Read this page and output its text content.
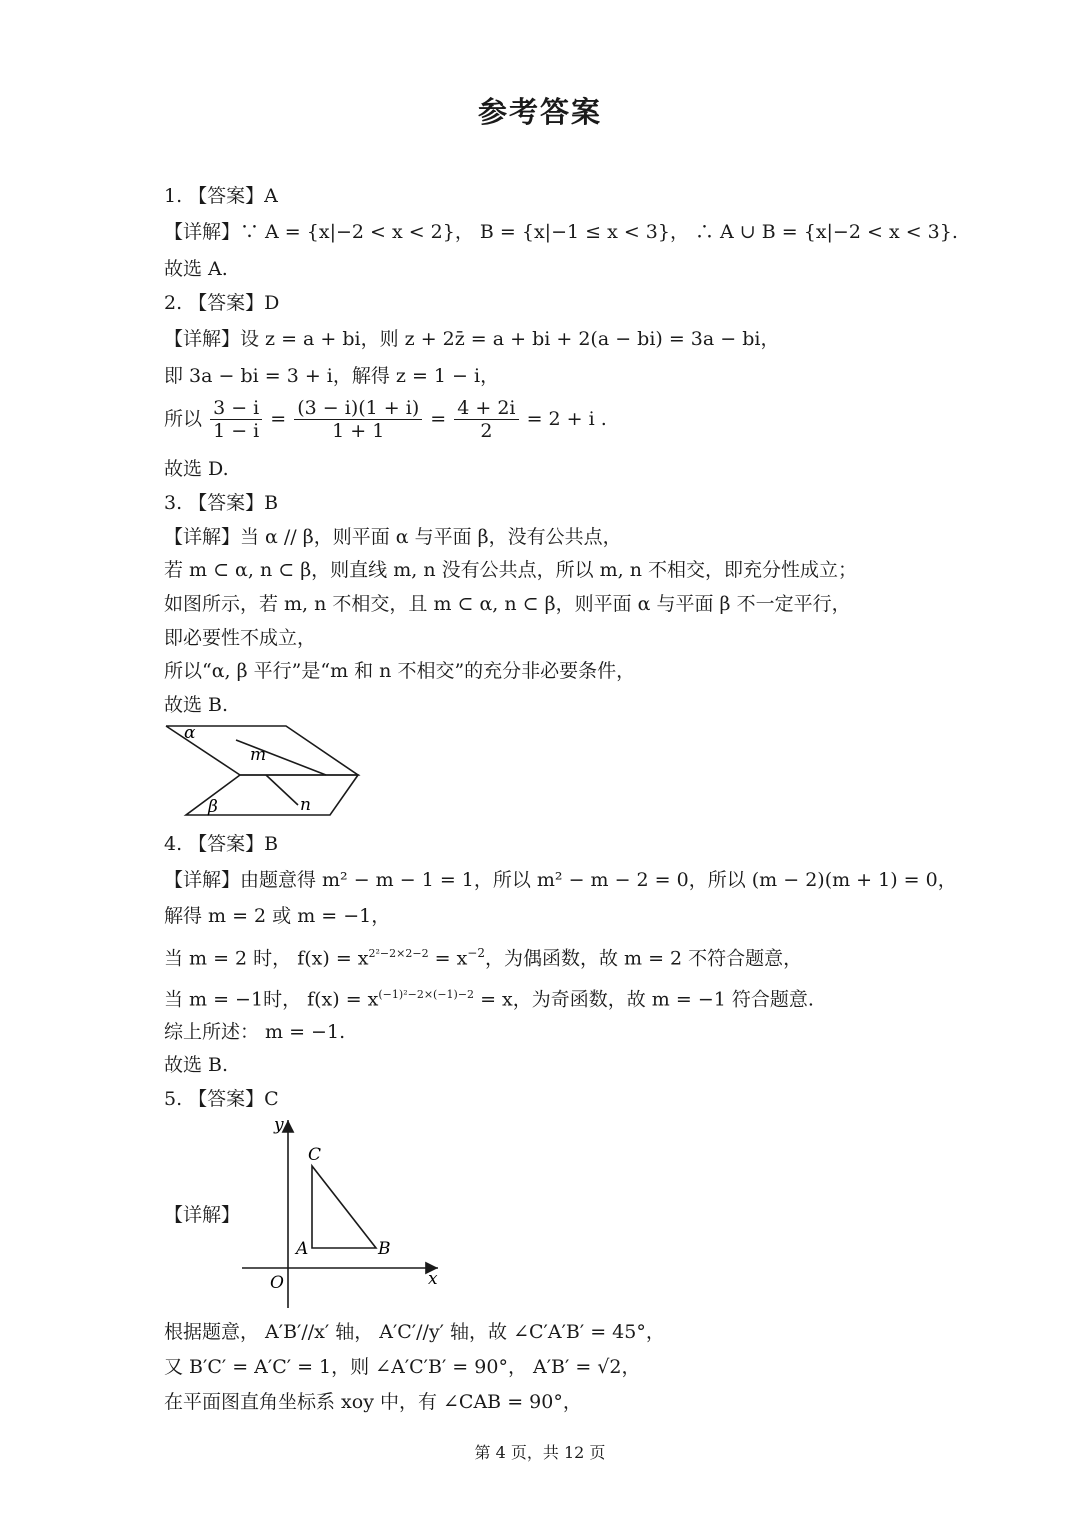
参考答案
1. 【答案】A
【详解】∵ A = {x|−2 < x < 2}， B = {x|−1 ≤ x < 3}， ∴ A ∪ B = {x|−2 < x < 3}.
故选 A.
2. 【答案】D
【详解】设 z = a + bi，则 z + 2z̄ = a + bi + 2(a − bi) = 3a − bi，
即 3a − bi = 3 + i，解得 z = 1 − i，
所以 $\frac{3 - i}{1 - i} = \frac{(3 - i)(1 + i)}{1 + 1} = \frac{4 + 2i}{2} = 2 + i$ .
故选 D.
3. 【答案】B
【详解】当 α // β，则平面 α 与平面 β，没有公共点，
若 m ⊂ α, n ⊂ β，则直线 m, n 没有公共点，所以 m, n 不相交，即充分性成立；
如图所示，若 m, n 不相交，且 m ⊂ α, n ⊂ β，则平面 α 与平面 β 不一定平行，
即必要性不成立，
所以“α, β 平行”是“m 和 n 不相交”的充分非必要条件，
故选 B.
α
m
β	n
4. 【答案】B
【详解】由题意得 m² − m − 1 = 1，所以 m² − m − 2 = 0，所以 (m − 2)(m + 1) = 0，
解得 m = 2 或 m = −1，
当 m = 2 时， $f(x) = x^{2^2-2\times 2-2} = x^{-2}$，为偶函数，故 m = 2 不符合题意，
当 m = −1时， $f(x) = x^{(-1)^2-2\times(-1)-2} = x$，为奇函数，故 m = −1 符合题意.
综上所述： m = −1.
故选 B.
5. 【答案】C
【详解】
y
C
A	B
O	x
根据题意， A′B′//x′ 轴， A′C′//y′ 轴，故 ∠C′A′B′ = 45°，
又 B′C′ = A′C′ = 1，则 ∠A′C′B′ = 90°， A′B′ = √2，
在平面图直角坐标系 xoy 中，有 ∠CAB = 90°，
第 4 页，共 12 页
